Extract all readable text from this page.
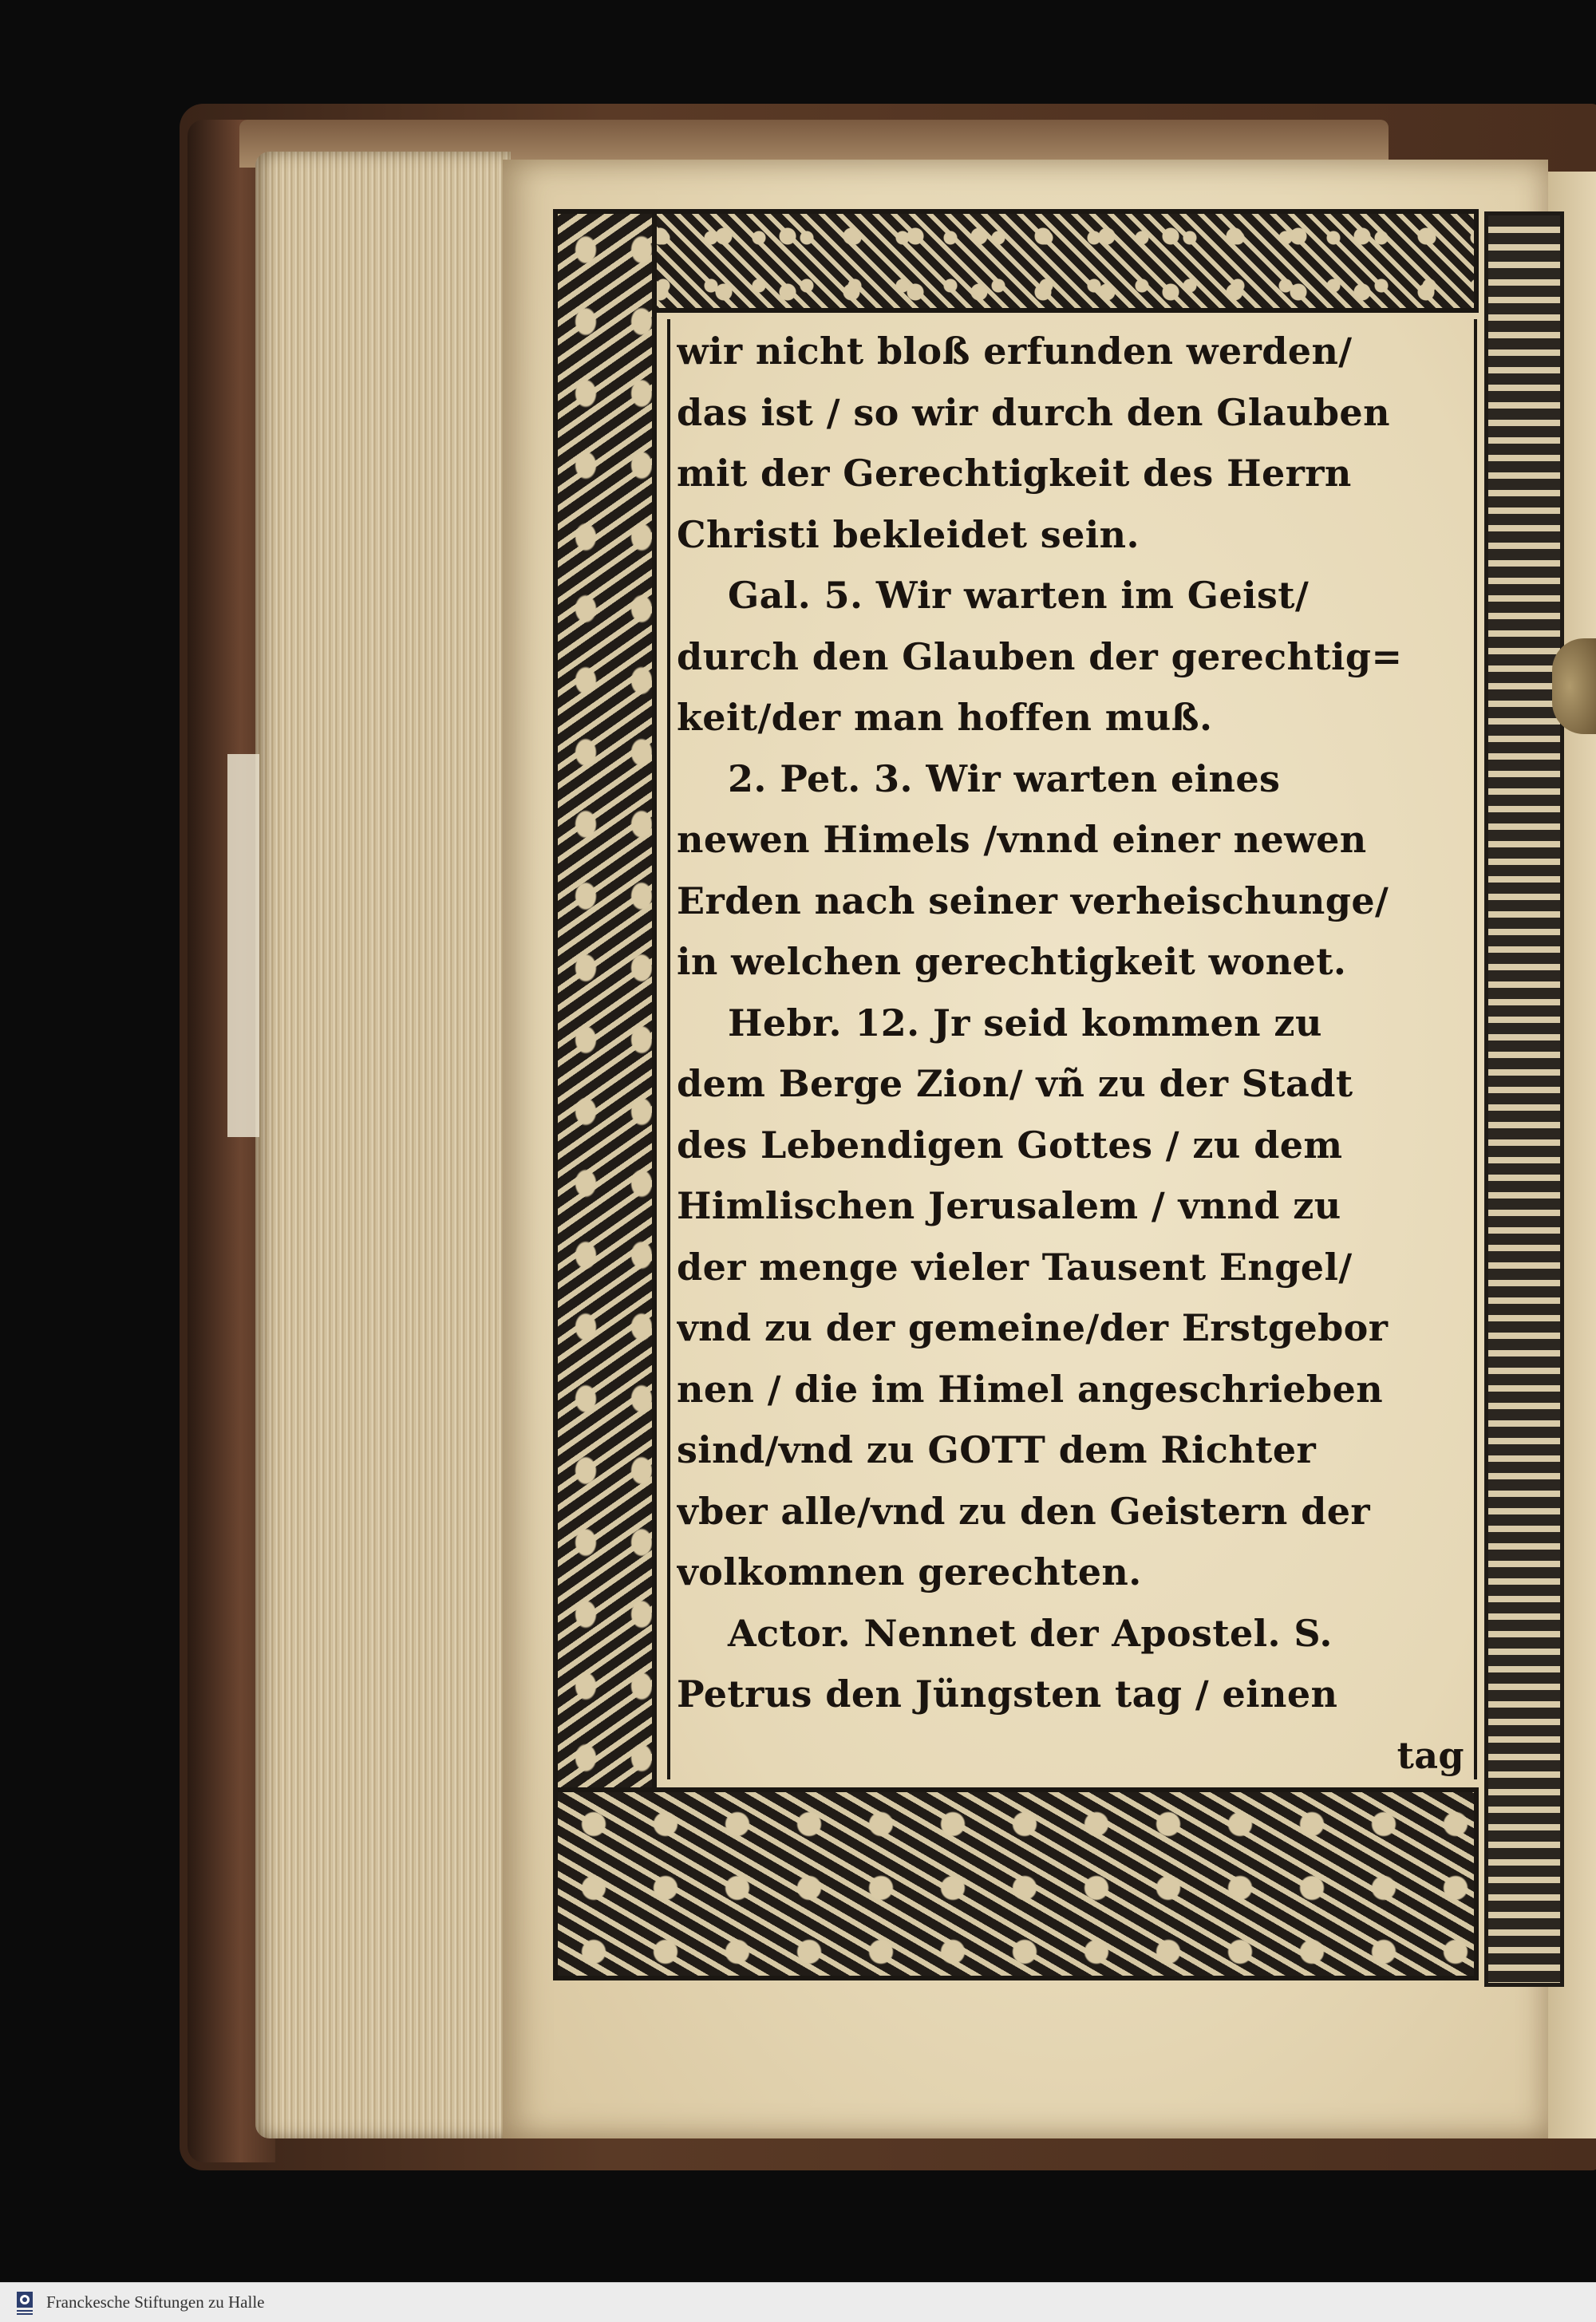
wir nicht bloß erfunden werden/
das ist / so wir durch den Glauben
mit der Gerechtigkeit des Herrn
Christi bekleidet sein.
Gal. 5. Wir warten im Geist/
durch den Glauben der gerechtig=
keit/der man hoffen muß.
2. Pet. 3. Wir warten eines
newen Himels /vnnd einer newen
Erden nach seiner verheischunge/
in welchen gerechtigkeit wonet.
Hebr. 12. Jr seid kommen zu
dem Berge Zion/ vñ zu der Stadt
des Lebendigen Gottes / zu dem
Himlischen Jerusalem / vnnd zu
der menge vieler Tausent Engel/
vnd zu der gemeine/der Erstgebor
nen / die im Himel angeschrieben
sind/vnd zu GOTT dem Richter
vber alle/vnd zu den Geistern der
volkomnen gerechten.
Actor. Nennet der Apostel. S.
Petrus den Jüngsten tag / einen
tag
Franckesche Stiftungen zu Halle
